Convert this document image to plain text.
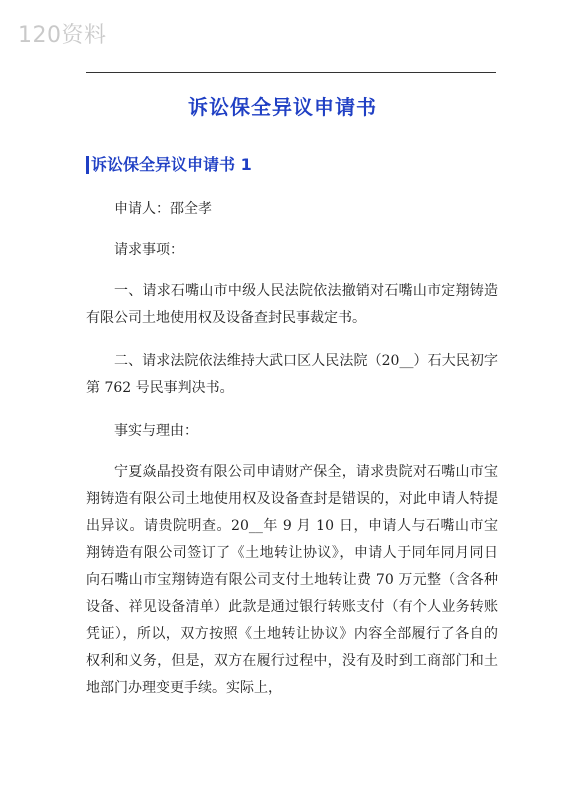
120资料
诉讼保全异议申请书
诉讼保全异议申请书 1

申请人：邵全孝

请求事项：

一、请求石嘴山市中级人民法院依法撤销对石嘴山市定翔铸造有限公司土地使用权及设备查封民事裁定书。

二、请求法院依法维持大武口区人民法院（20__）石大民初字第 762 号民事判决书。

事实与理由：

宁夏焱晶投资有限公司申请财产保全，请求贵院对石嘴山市宝翔铸造有限公司土地使用权及设备查封是错误的，对此申请人特提出异议。请贵院明查。20__年 9 月 10 日，申请人与石嘴山市宝翔铸造有限公司签订了《土地转让协议》，申请人于同年同月同日向石嘴山市宝翔铸造有限公司支付土地转让费 70 万元整（含各种设备、祥见设备清单）此款是通过银行转账支付（有个人业务转账凭证），所以，双方按照《土地转让协议》内容全部履行了各自的权利和义务，但是，双方在履行过程中，没有及时到工商部门和土地部门办理变更手续。实际上，
